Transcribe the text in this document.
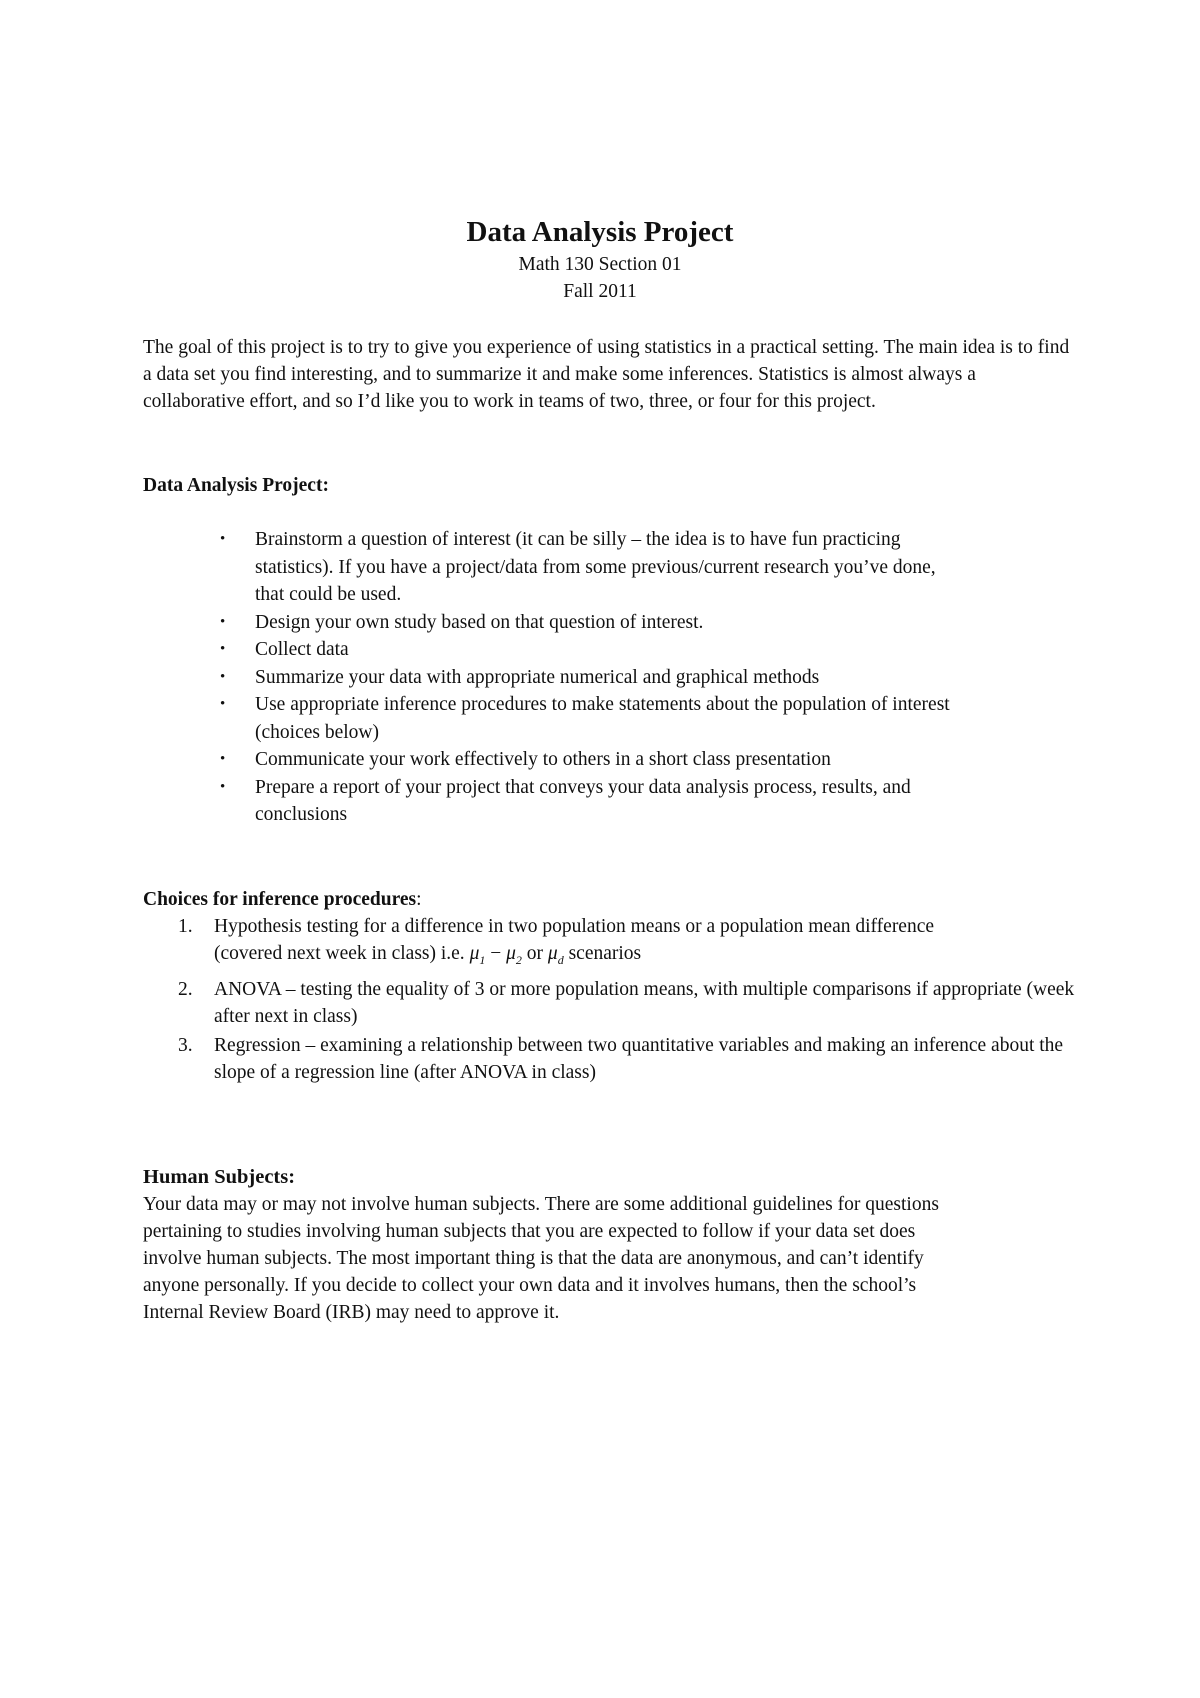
Data Analysis Project

Math 130 Section 01

Fall 2011

The goal of this project is to try to give you experience of using statistics in a practical setting. The main idea is to find a data set you find interesting, and to summarize it and make some inferences. Statistics is almost always a collaborative effort, and so I’d like you to work in teams of two, three, or four for this project.

Data Analysis Project:

• Brainstorm a question of interest (it can be silly – the idea is to have fun practicing statistics). If you have a project/data from some previous/current research you’ve done, that could be used.
• Design your own study based on that question of interest.
• Collect data
• Summarize your data with appropriate numerical and graphical methods
• Use appropriate inference procedures to make statements about the population of interest (choices below)
• Communicate your work effectively to others in a short class presentation
• Prepare a report of your project that conveys your data analysis process, results, and conclusions

Choices for inference procedures:

1. Hypothesis testing for a difference in two population means or a population mean difference
(covered next week in class) i.e. $\mu_1 - \mu_2$ or $\mu_d$ scenarios
2. ANOVA – testing the equality of 3 or more population means, with multiple comparisons if appropriate (week after next in class)
3. Regression – examining a relationship between two quantitative variables and making an inference about the slope of a regression line (after ANOVA in class)

Human Subjects:

Your data may or may not involve human subjects. There are some additional guidelines for questions pertaining to studies involving human subjects that you are expected to follow if your data set does involve human subjects. The most important thing is that the data are anonymous, and can’t identify anyone personally. If you decide to collect your own data and it involves humans, then the school’s Internal Review Board (IRB) may need to approve it.
